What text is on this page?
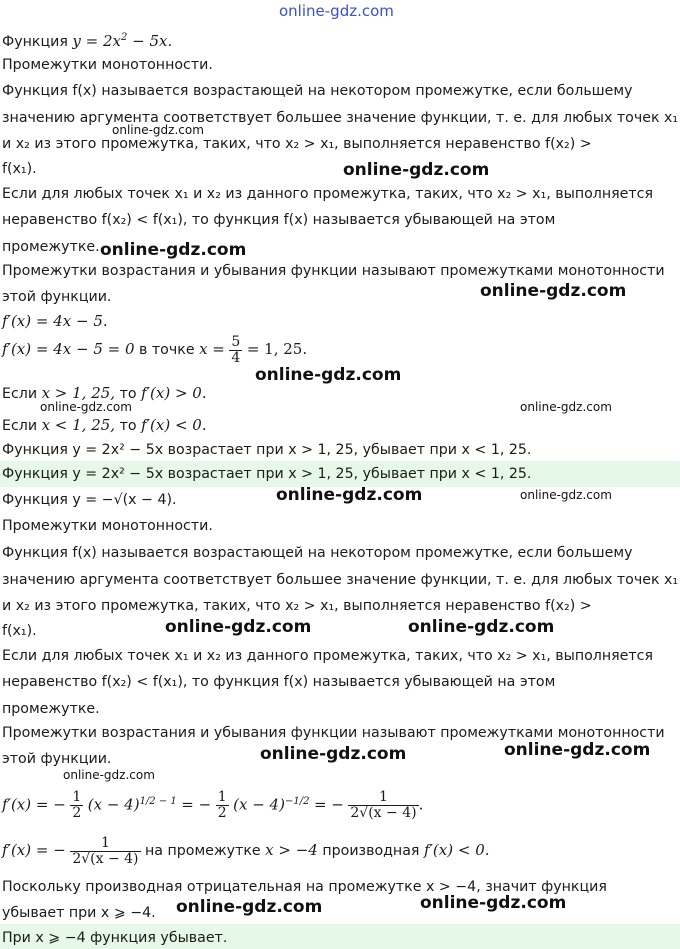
online-gdz.com
Функция $y = 2x^2 - 5x$.
Промежутки монотонности.
Функция f(x) называется возрастающей на некотором промежутке, если большему
значению аргумента соответствует большее значение функции, т. е. для любых точек x₁
и x₂ из этого промежутка, таких, что x₂ > x₁, выполняется неравенство f(x₂) >
f(x₁).
Если для любых точек x₁ и x₂ из данного промежутка, таких, что x₂ > x₁, выполняется
неравенство f(x₂) < f(x₁), то функция f(x) называется убывающей на этом
промежутке.
Промежутки возрастания и убывания функции называют промежутками монотонности
этой функции.
f′(x) = 4x − 5.
f′(x) = 4x − 5 = 0 в точке $x = \frac{5}{4} = 1$, 25.
Если x > 1, 25, то f′(x) > 0.
Если x < 1, 25, то f′(x) < 0.
Функция y = 2x² − 5x возрастает при x > 1, 25, убывает при x < 1, 25.
Функция y = 2x² − 5x возрастает при x > 1, 25, убывает при x < 1, 25.
Функция y = −√(x − 4).
Промежутки монотонности.
Функция f(x) называется возрастающей на некотором промежутке, если большему
значению аргумента соответствует большее значение функции, т. е. для любых точек x₁
и x₂ из этого промежутка, таких, что x₂ > x₁, выполняется неравенство f(x₂) >
f(x₁).
Если для любых точек x₁ и x₂ из данного промежутка, таких, что x₂ > x₁, выполняется
неравенство f(x₂) < f(x₁), то функция f(x) называется убывающей на этом
промежутке.
Промежутки возрастания и убывания функции называют промежутками монотонности
этой функции.
f′(x) = − $\frac{1}{2} (x - 4)^{1/2 - 1}$ = − $\frac{1}{2} (x - 4)^{-1/2}$ = − $\frac{1}{2√(x - 4)}$ .
f′(x) = − $\frac{1}{2√(x - 4)}$ на промежутке x > −4 производная f′(x) < 0.
Поскольку производная отрицательная на промежутке x > −4, значит функция
убывает при x ⩾ −4.
При x ⩾ −4 функция убывает.
online-gdz.com
online-gdz.com
online-gdz.com
online-gdz.com
online-gdz.com
online-gdz.com	online-gdz.com
online-gdz.com	online-gdz.com
online-gdz.com	online-gdz.com
online-gdz.com	online-gdz.com
online-gdz.com
online-gdz.com	online-gdz.com
